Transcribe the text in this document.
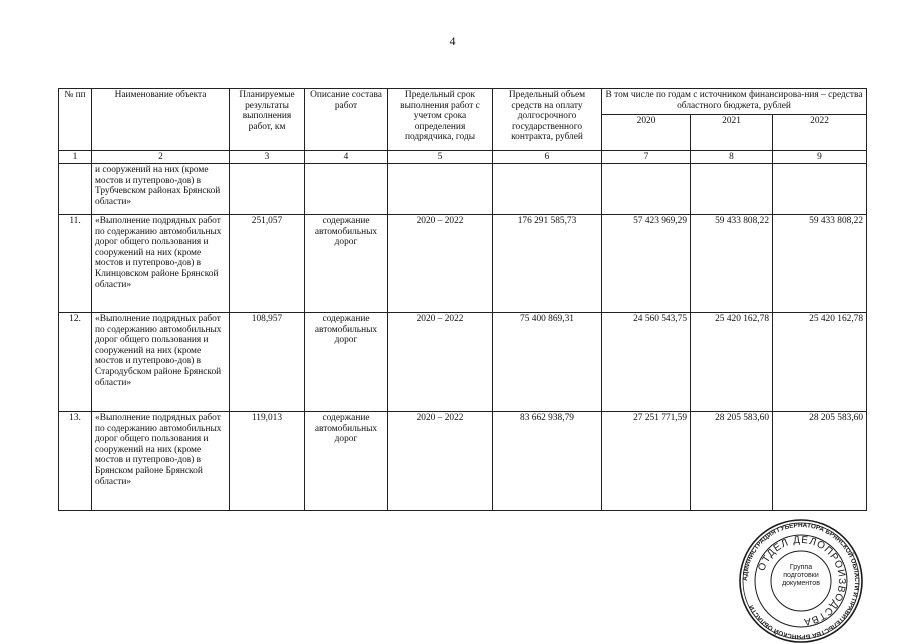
4
№ пп	Наименование объекта	Планируемые результаты выполнения работ, км	Описание состава работ	Предельный срок выполнения работ с учетом срока определения подрядчика, годы	Предельный объем средств на оплату долгосрочного государственного контракта, рублей	В том числе по годам с источником финансирова-ния – средства областного бюджета, рублей		
						2020	2021	2022
1	2	3	4	5	6	7	8	9
	и сооружений на них (кроме мостов и путепрово-дов) в Трубчевском районах Брянской области»							
11.	«Выполнение подрядных работ по содержанию автомобильных дорог общего пользования и сооружений на них (кроме мостов и путепрово-дов) в Клинцовском районе Брянской области»	251,057	содержание автомобильных дорог	2020 – 2022	176 291 585,73	57 423 969,29	59 433 808,22	59 433 808,22
12.	«Выполнение подрядных работ по содержанию автомобильных дорог общего пользования и сооружений на них (кроме мостов и путепрово-дов) в Стародубском районе Брянской области»	108,957	содержание автомобильных дорог	2020 – 2022	75 400 869,31	24 560 543,75	25 420 162,78	25 420 162,78
13.	«Выполнение подрядных работ по содержанию автомобильных дорог общего пользования и сооружений на них (кроме мостов и путепрово-дов) в Брянском районе Брянской области»	119,013	содержание автомобильных дорог	2020 – 2022	83 662 938,79	27 251 771,59	28 205 583,60	28 205 583,60
АДМИНИСТРАЦИЯ ГУБЕРНАТОРА БРЯНСКОЙ ОБЛАСТИ И ПРАВИТЕЛЬСТВА БРЯНСКОЙ ОБЛАСТИ
ОТДЕЛ ДЕЛОПРОИЗВОДСТВА
Группа подготовки документов
